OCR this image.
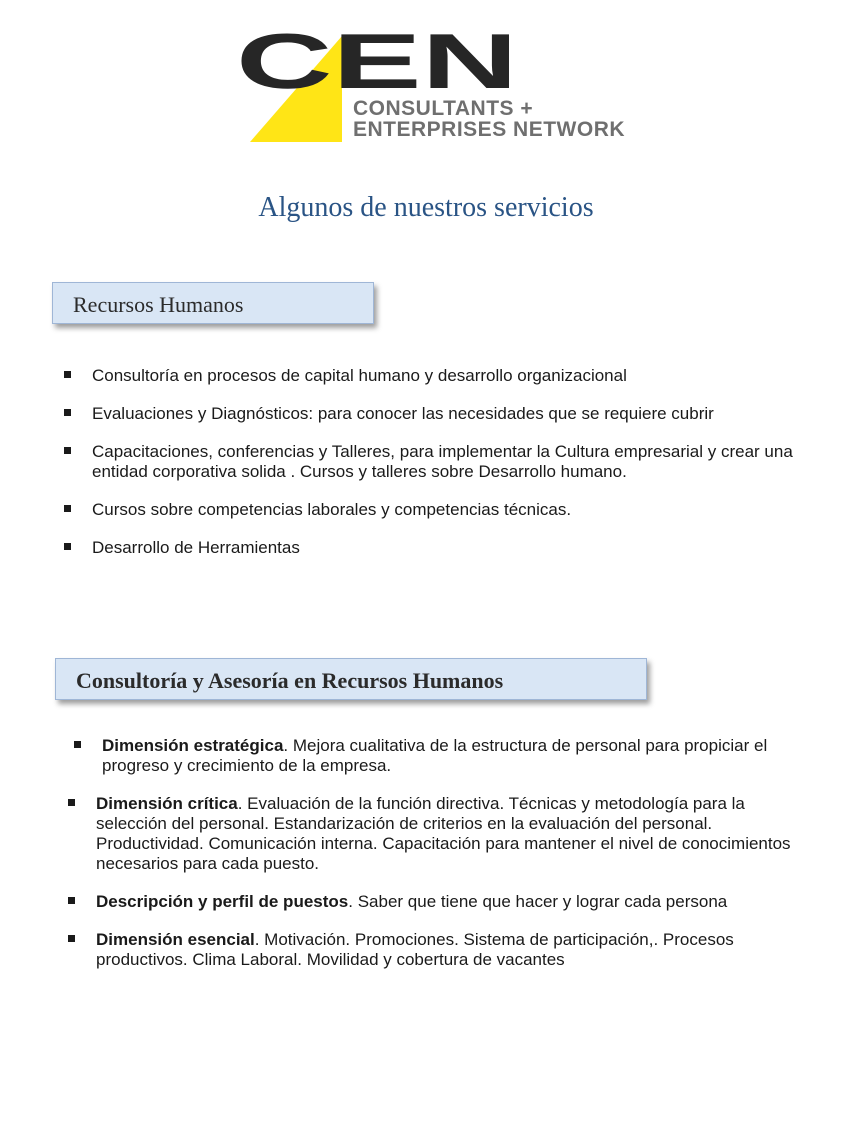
CEN
CONSULTANTS +
ENTERPRISES NETWORK
Algunos de nuestros servicios
Recursos Humanos
Consultoría en procesos de capital humano y desarrollo organizacional
Evaluaciones y Diagnósticos: para conocer las necesidades que se requiere cubrir
Capacitaciones, conferencias y Talleres, para implementar la Cultura empresarial y crear una entidad corporativa solida . Cursos y talleres sobre Desarrollo humano.
Cursos sobre competencias laborales y competencias técnicas.
Desarrollo de Herramientas
Consultoría y Asesoría en Recursos Humanos
Dimensión estratégica. Mejora cualitativa de la estructura de personal para propiciar el progreso y crecimiento de la empresa.
Dimensión crítica. Evaluación de la función directiva. Técnicas y metodología para la selección del personal. Estandarización de criterios en la evaluación del personal. Productividad. Comunicación interna. Capacitación para mantener el nivel de conocimientos necesarios para cada puesto.
Descripción y perfil de puestos. Saber que tiene que hacer y lograr cada persona
Dimensión esencial. Motivación. Promociones. Sistema de participación,. Procesos productivos. Clima Laboral. Movilidad y cobertura de vacantes
